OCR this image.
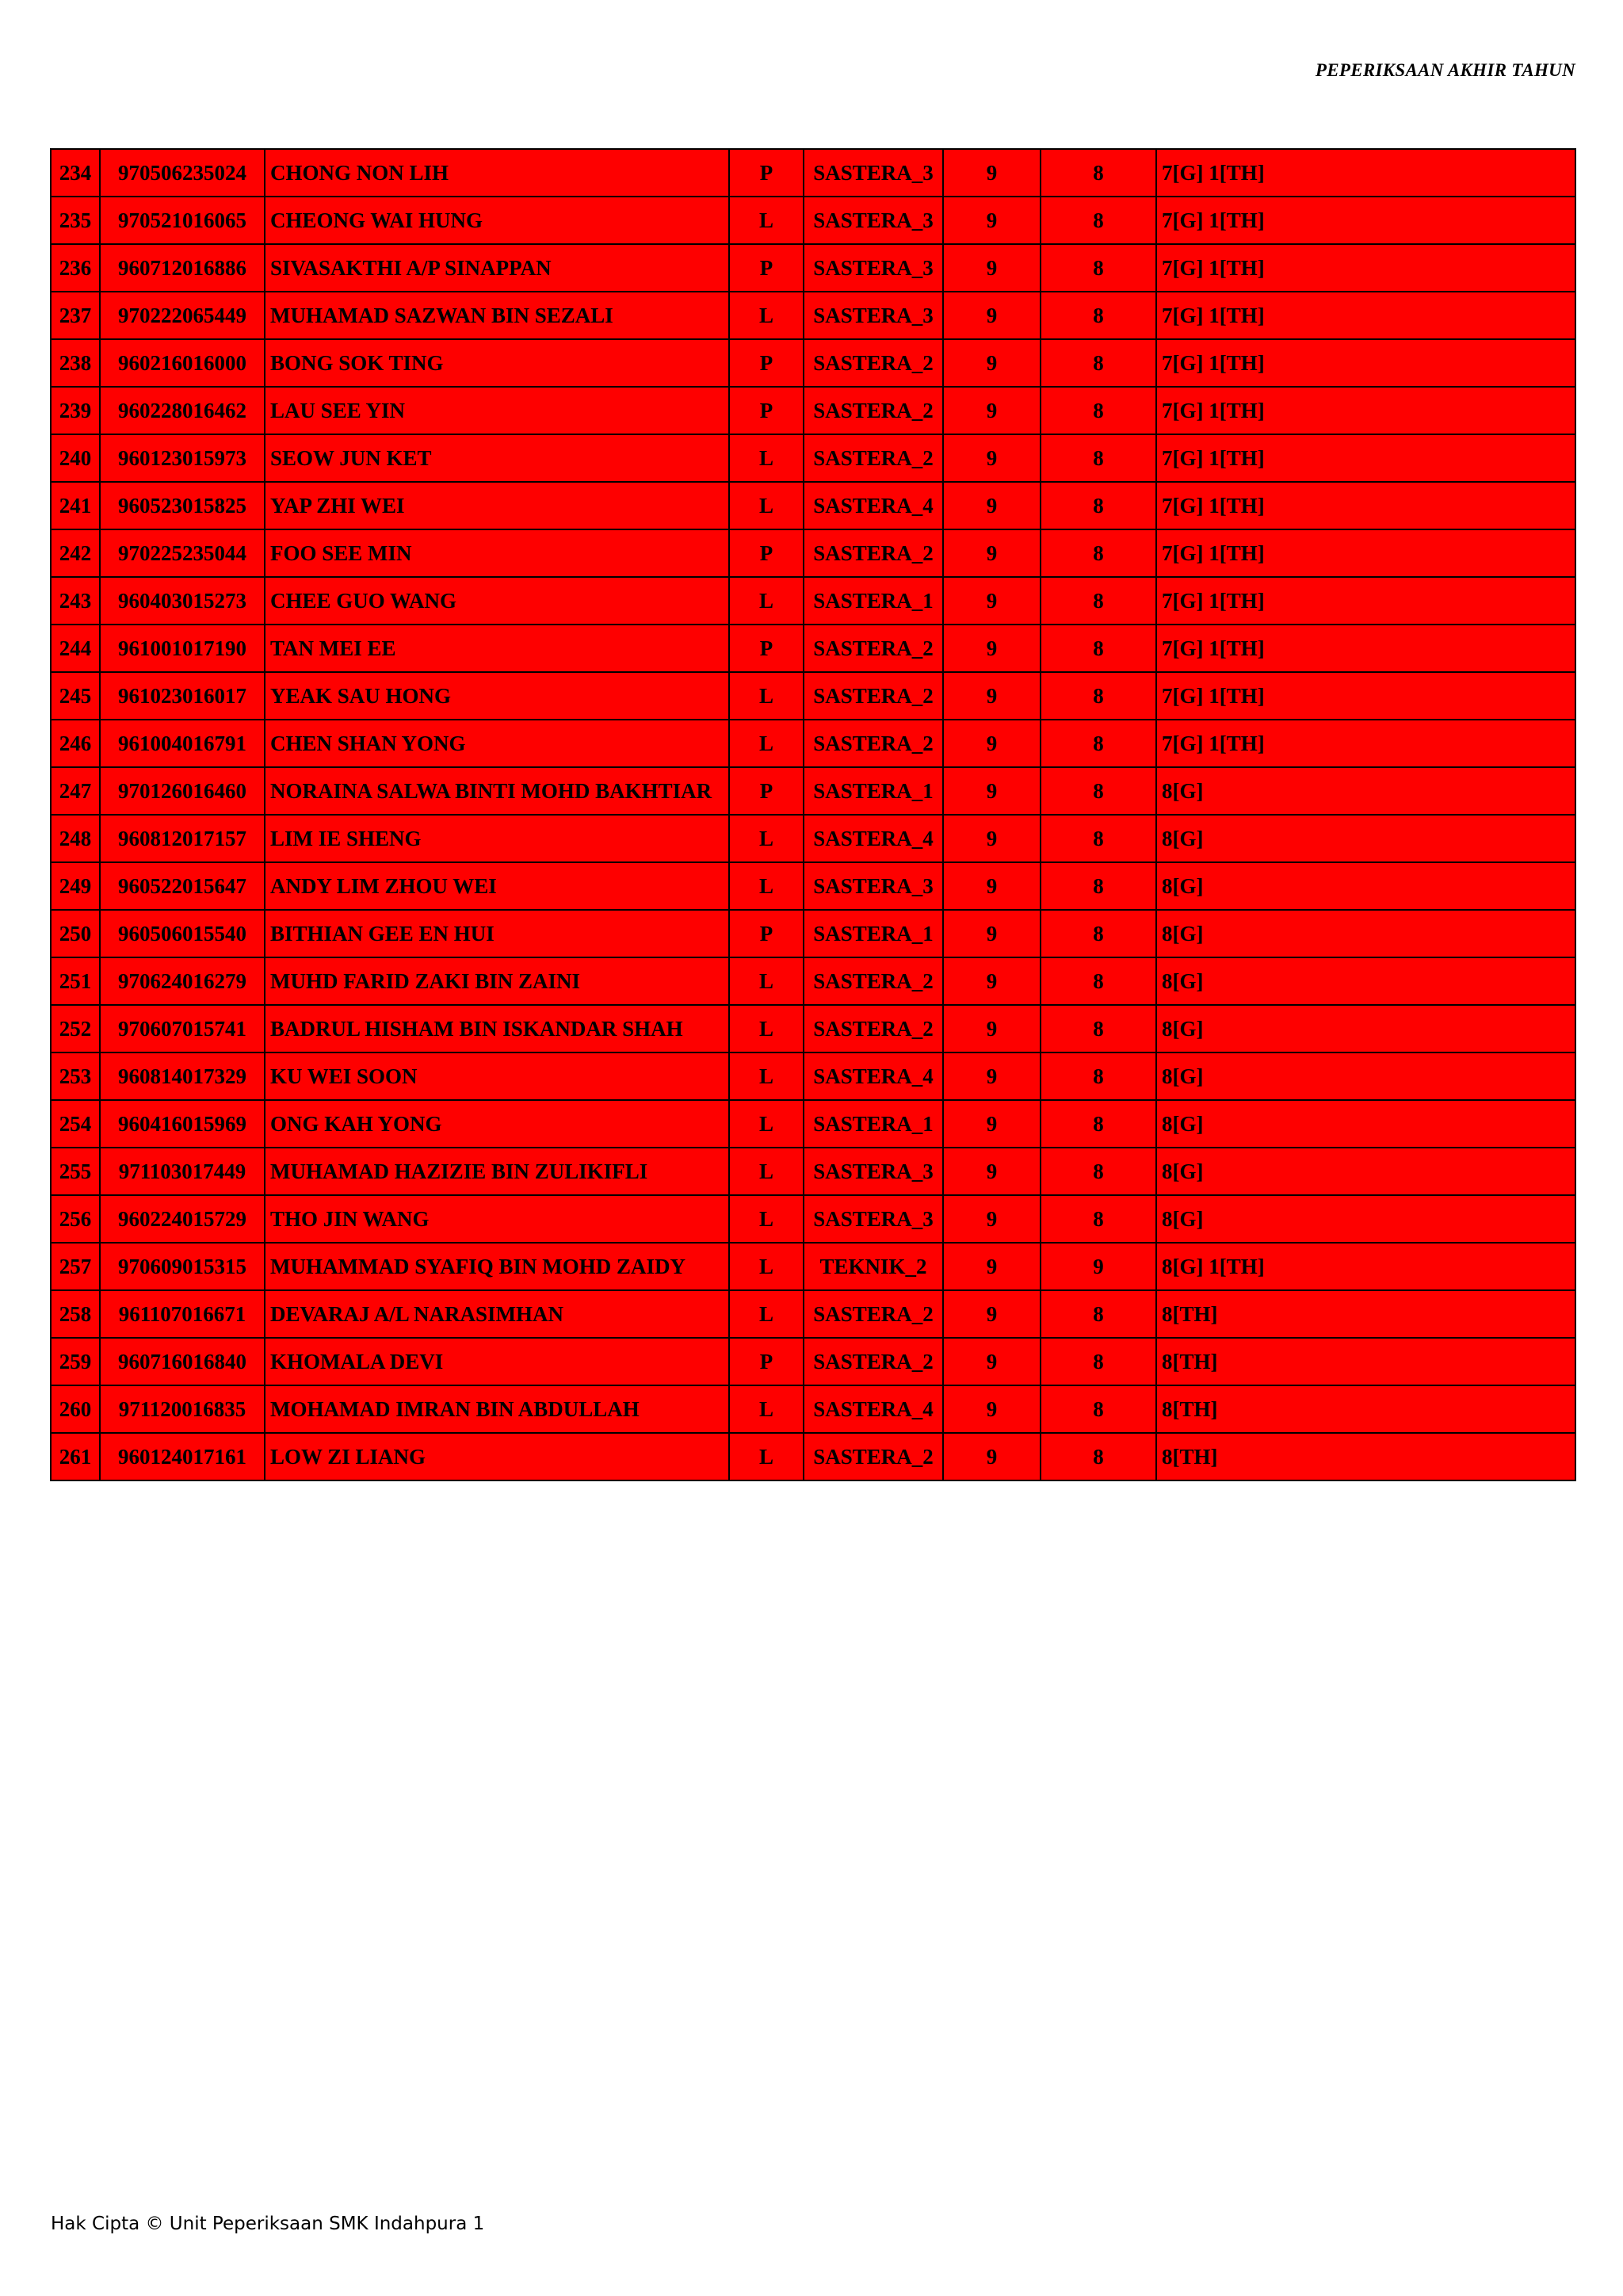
PEPERIKSAAN AKHIR TAHUN
234	970506235024	CHONG NON LIH	P	SASTERA_3	9	8	7[G] 1[TH]
235	970521016065	CHEONG WAI HUNG	L	SASTERA_3	9	8	7[G] 1[TH]
236	960712016886	SIVASAKTHI A/P SINAPPAN	P	SASTERA_3	9	8	7[G] 1[TH]
237	970222065449	MUHAMAD SAZWAN BIN SEZALI	L	SASTERA_3	9	8	7[G] 1[TH]
238	960216016000	BONG SOK TING	P	SASTERA_2	9	8	7[G] 1[TH]
239	960228016462	LAU SEE YIN	P	SASTERA_2	9	8	7[G] 1[TH]
240	960123015973	SEOW JUN KET	L	SASTERA_2	9	8	7[G] 1[TH]
241	960523015825	YAP ZHI WEI	L	SASTERA_4	9	8	7[G] 1[TH]
242	970225235044	FOO SEE MIN	P	SASTERA_2	9	8	7[G] 1[TH]
243	960403015273	CHEE GUO WANG	L	SASTERA_1	9	8	7[G] 1[TH]
244	961001017190	TAN MEI EE	P	SASTERA_2	9	8	7[G] 1[TH]
245	961023016017	YEAK SAU HONG	L	SASTERA_2	9	8	7[G] 1[TH]
246	961004016791	CHEN SHAN YONG	L	SASTERA_2	9	8	7[G] 1[TH]
247	970126016460	NORAINA SALWA BINTI MOHD BAKHTIAR	P	SASTERA_1	9	8	8[G]
248	960812017157	LIM IE SHENG	L	SASTERA_4	9	8	8[G]
249	960522015647	ANDY LIM ZHOU WEI	L	SASTERA_3	9	8	8[G]
250	960506015540	BITHIAN GEE EN HUI	P	SASTERA_1	9	8	8[G]
251	970624016279	MUHD FARID ZAKI BIN ZAINI	L	SASTERA_2	9	8	8[G]
252	970607015741	BADRUL HISHAM BIN ISKANDAR SHAH	L	SASTERA_2	9	8	8[G]
253	960814017329	KU WEI SOON	L	SASTERA_4	9	8	8[G]
254	960416015969	ONG KAH YONG	L	SASTERA_1	9	8	8[G]
255	971103017449	MUHAMAD HAZIZIE BIN ZULIKIFLI	L	SASTERA_3	9	8	8[G]
256	960224015729	THO JIN WANG	L	SASTERA_3	9	8	8[G]
257	970609015315	MUHAMMAD SYAFIQ BIN MOHD ZAIDY	L	TEKNIK_2	9	9	8[G] 1[TH]
258	961107016671	DEVARAJ A/L NARASIMHAN	L	SASTERA_2	9	8	8[TH]
259	960716016840	KHOMALA DEVI	P	SASTERA_2	9	8	8[TH]
260	971120016835	MOHAMAD IMRAN BIN ABDULLAH	L	SASTERA_4	9	8	8[TH]
261	960124017161	LOW ZI LIANG	L	SASTERA_2	9	8	8[TH]
Hak Cipta © Unit Peperiksaan SMK Indahpura 1
